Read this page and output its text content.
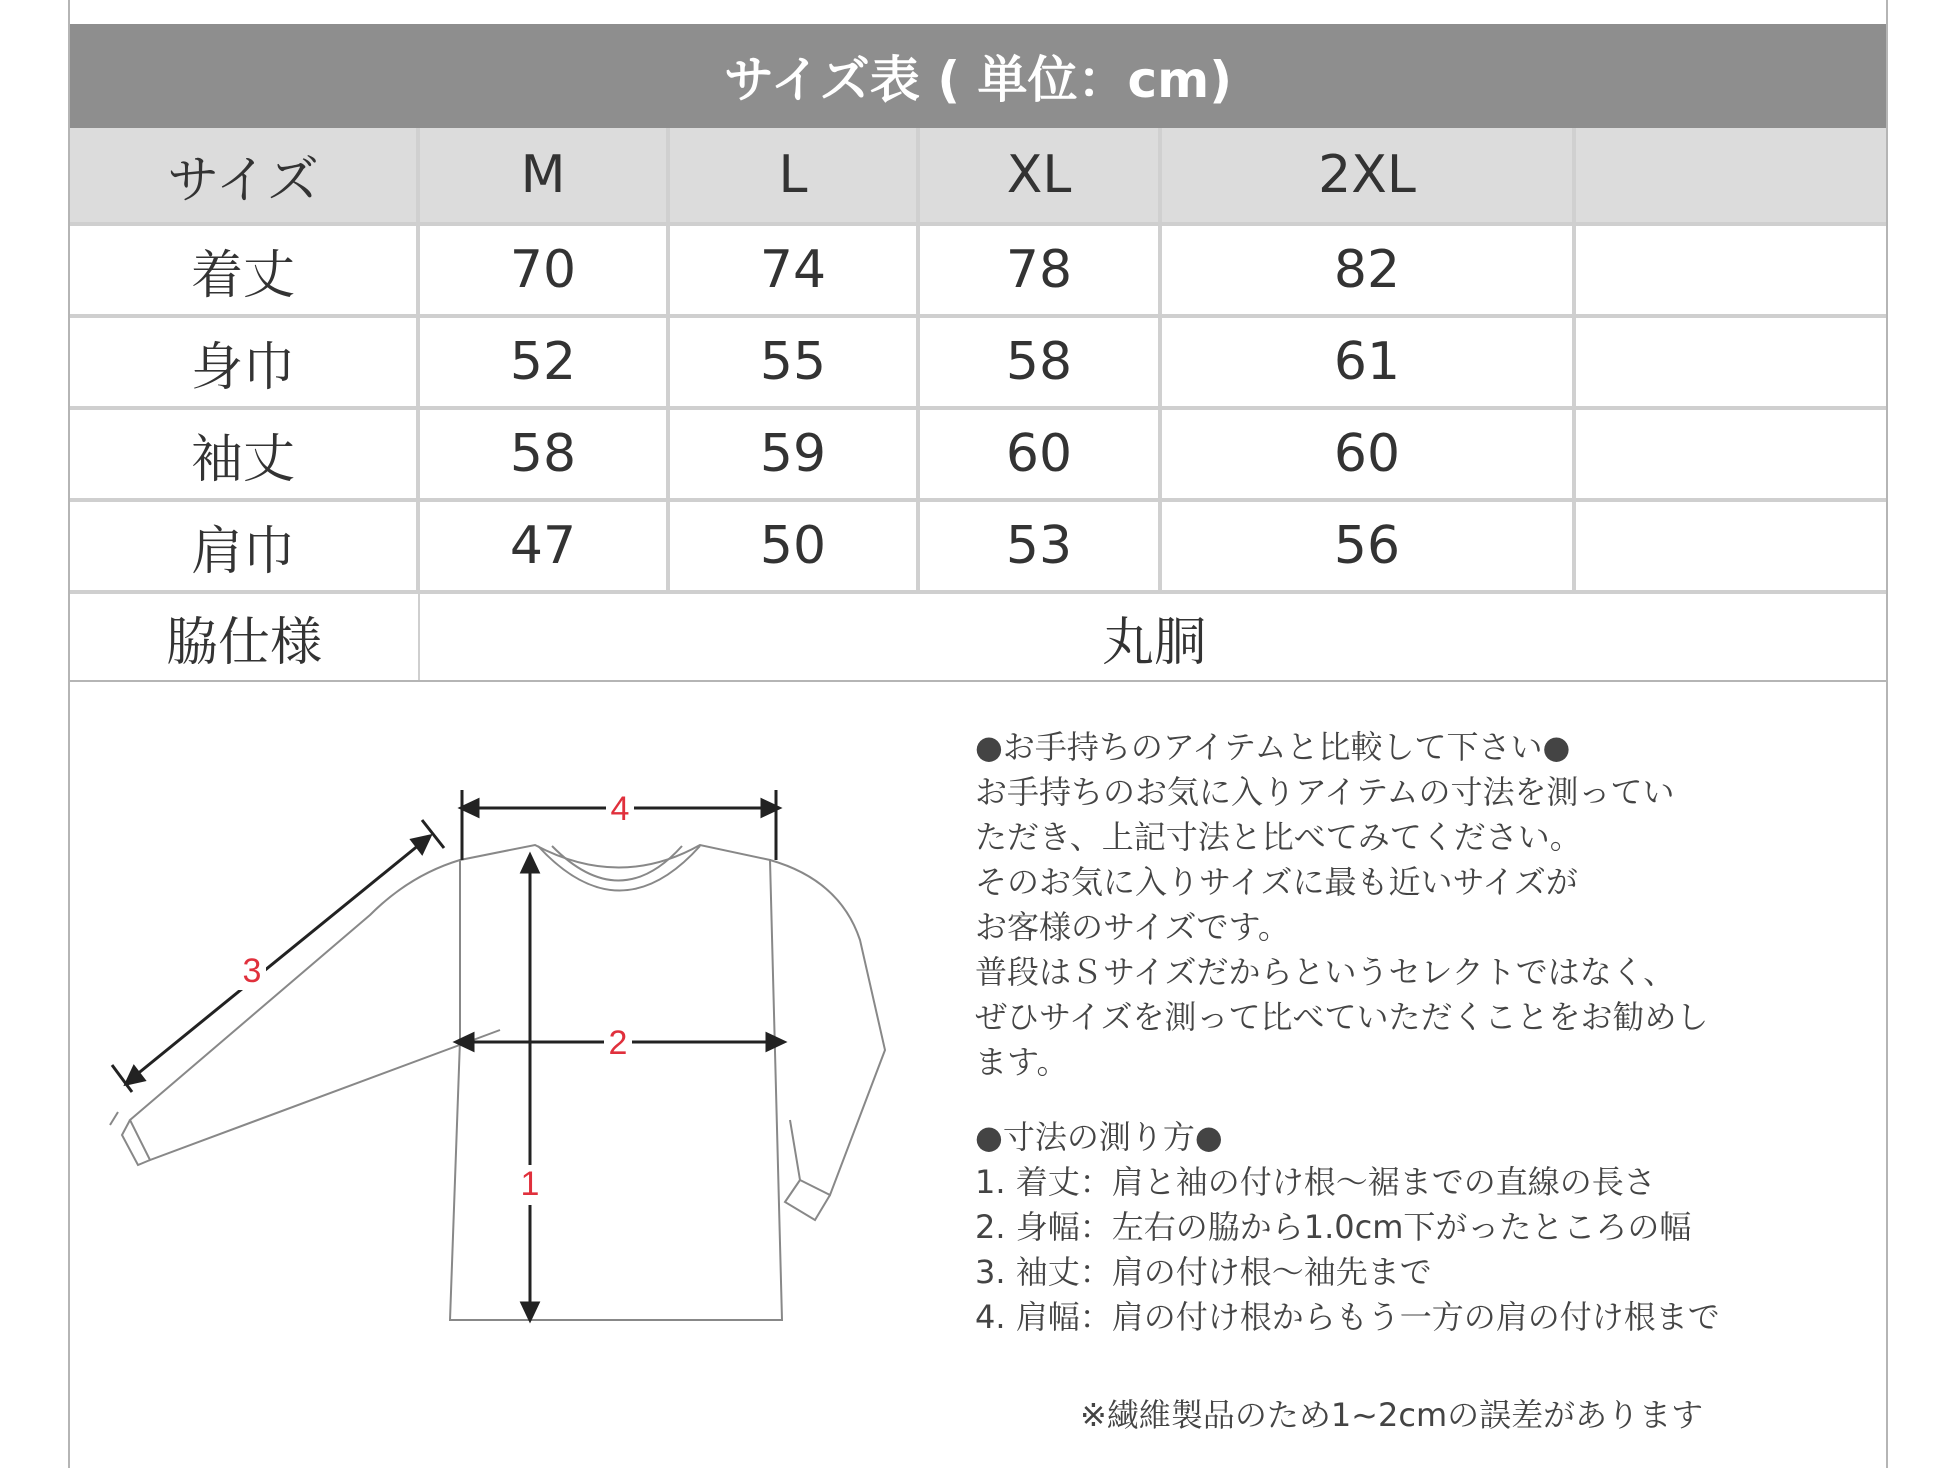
サイズ表 ( 単位：cm)
サイズ	M	L	XL	2XL
着丈	70	74	78	82
身巾	52	55	58	61
袖丈	58	59	60	60
肩巾	47	50	53	56
脇仕様	丸胴
1
2
3
4

●お手持ちのアイテムと比較して下さい●

お手持ちのお気に入りアイテムの寸法を測ってい

ただき、上記寸法と比べてみてください。

そのお気に入りサイズに最も近いサイズが

お客様のサイズです。

普段はＳサイズだからというセレクトではなく、

ぜひサイズを測って比べていただくことをお勧めし

ます。

●寸法の測り方●

1. 着丈：肩と袖の付け根～裾までの直線の長さ

2. 身幅：左右の脇から1.0cm下がったところの幅

3. 袖丈：肩の付け根～袖先まで

4. 肩幅：肩の付け根からもう一方の肩の付け根まで

※繊維製品のため1~2cmの誤差があります
